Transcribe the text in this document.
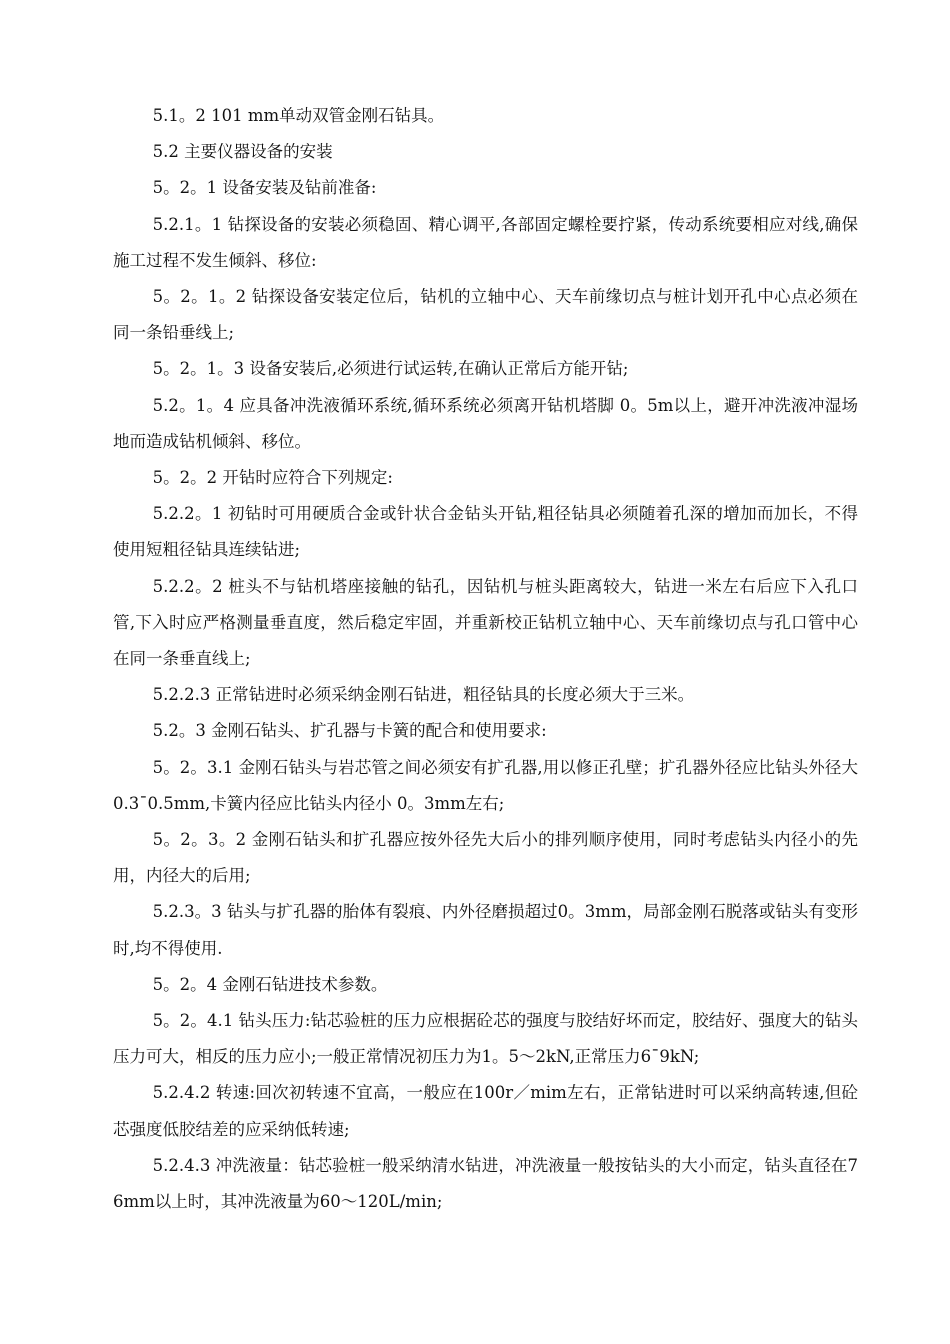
5.1。2 101 mm单动双管金刚石钻具。

5.2 主要仪器设备的安装

5。2。1 设备安装及钻前准备:

5.2.1。1 钻探设备的安装必须稳固、精心调平,各部固定螺栓要拧紧，传动系统要相应对线,确保施工过程不发生倾斜、移位:

5。2。1。2 钻探设备安装定位后，钻机的立轴中心、天车前缘切点与桩计划开孔中心点必须在同一条铅垂线上;

5。2。1。3 设备安装后,必须进行试运转,在确认正常后方能开钻;

5.2。1。4 应具备冲洗液循环系统,循环系统必须离开钻机塔脚 0。5m以上，避开冲洗液冲湿场地而造成钻机倾斜、移位。

5。2。2 开钻时应符合下列规定:

5.2.2。1 初钻时可用硬质合金或针状合金钻头开钻,粗径钻具必须随着孔深的增加而加长，不得使用短粗径钻具连续钻进;

5.2.2。2 桩头不与钻机塔座接触的钻孔，因钻机与桩头距离较大，钻进一米左右后应下入孔口管,下入时应严格测量垂直度，然后稳定牢固，并重新校正钻机立轴中心、天车前缘切点与孔口管中心在同一条垂直线上;

5.2.2.3 正常钻进时必须采纳金刚石钻进，粗径钻具的长度必须大于三米。

5.2。3 金刚石钻头、扩孔器与卡簧的配合和使用要求:

5。2。3.1 金刚石钻头与岩芯管之间必须安有扩孔器,用以修正孔壁；扩孔器外径应比钻头外径大 0.3¯0.5mm,卡簧内径应比钻头内径小 0。3mm左右;

5。2。3。2 金刚石钻头和扩孔器应按外径先大后小的排列顺序使用，同时考虑钻头内径小的先用，内径大的后用;

5.2.3。3 钻头与扩孔器的胎体有裂痕、内外径磨损超过0。3mm，局部金刚石脱落或钻头有变形时,均不得使用.

5。2。4 金刚石钻进技术参数。

5。2。4.1 钻头压力:钻芯验桩的压力应根据砼芯的强度与胶结好坏而定，胶结好、强度大的钻头压力可大，相反的压力应小;一般正常情况初压力为1。5～2kN,正常压力6¯9kN;

5.2.4.2 转速:回次初转速不宜高，一般应在100r／mim左右，正常钻进时可以采纳高转速,但砼芯强度低胶结差的应采纳低转速;

5.2.4.3 冲洗液量：钻芯验桩一般采纳清水钻进，冲洗液量一般按钻头的大小而定，钻头直径在76mm以上时，其冲洗液量为60～120L/min;
